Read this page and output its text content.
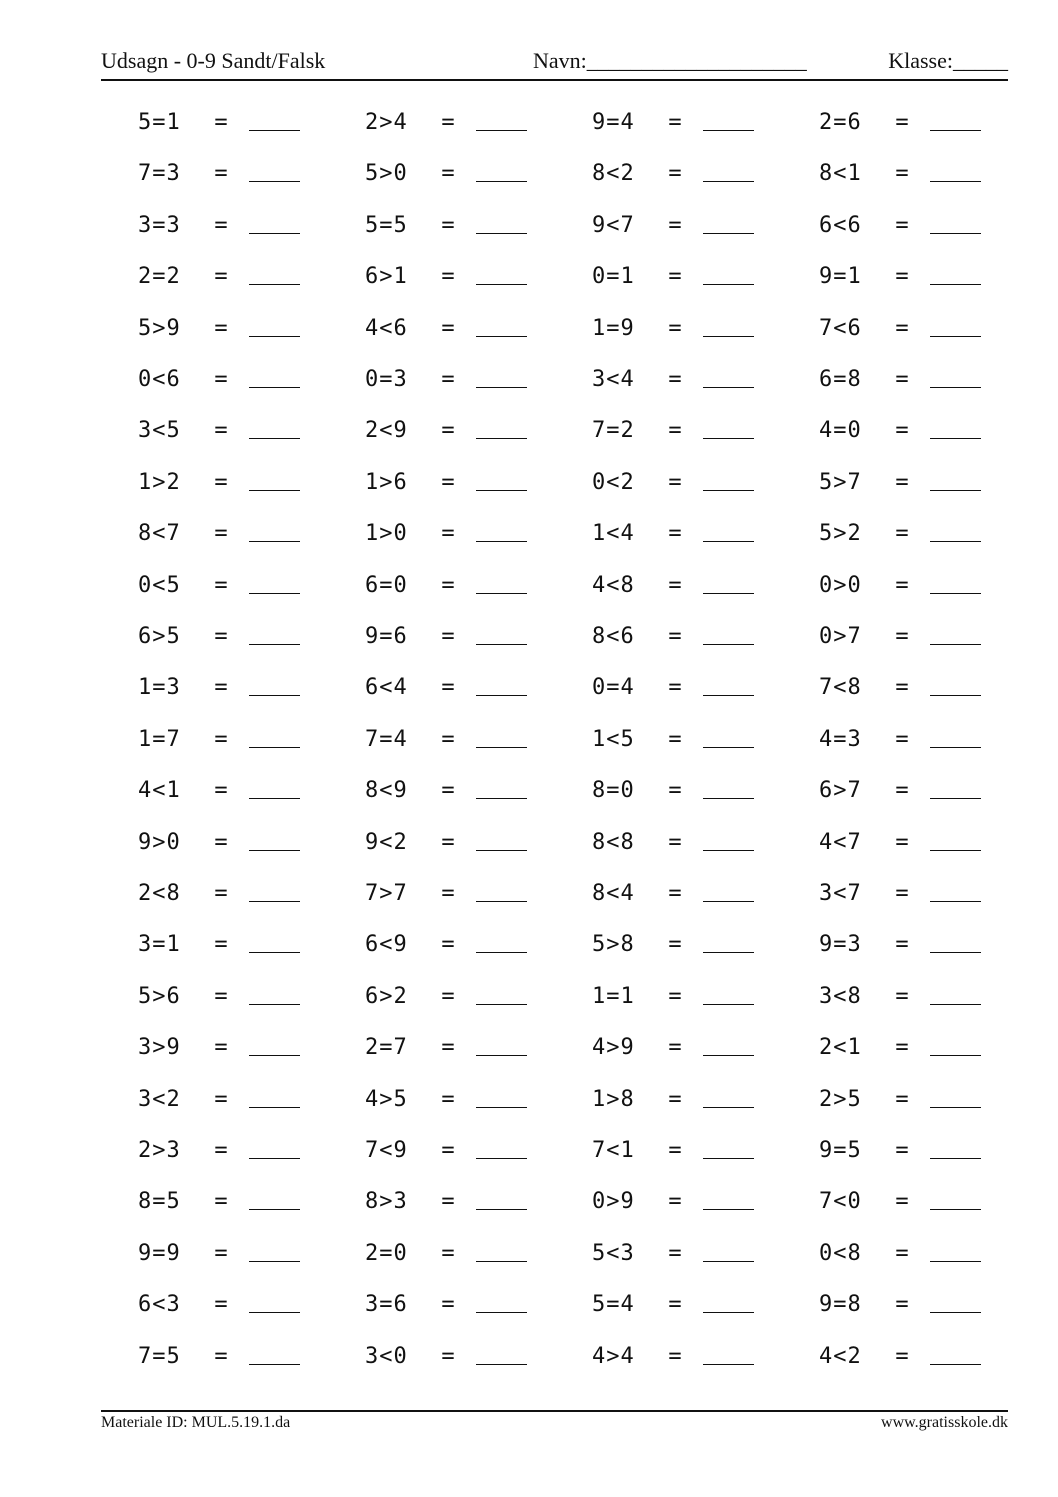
Udsagn - 0-9 Sandt/Falsk	Navn:____________________	Klasse:_____
5=1 =	2>4 =	9=4 =	2=6 =
7=3 =	5>0 =	8<2 =	8<1 =
3=3 =	5=5 =	9<7 =	6<6 =
2=2 =	6>1 =	0=1 =	9=1 =
5>9 =	4<6 =	1=9 =	7<6 =
0<6 =	0=3 =	3<4 =	6=8 =
3<5 =	2<9 =	7=2 =	4=0 =
1>2 =	1>6 =	0<2 =	5>7 =
8<7 =	1>0 =	1<4 =	5>2 =
0<5 =	6=0 =	4<8 =	0>0 =
6>5 =	9=6 =	8<6 =	0>7 =
1=3 =	6<4 =	0=4 =	7<8 =
1=7 =	7=4 =	1<5 =	4=3 =
4<1 =	8<9 =	8=0 =	6>7 =
9>0 =	9<2 =	8<8 =	4<7 =
2<8 =	7>7 =	8<4 =	3<7 =
3=1 =	6<9 =	5>8 =	9=3 =
5>6 =	6>2 =	1=1 =	3<8 =
3>9 =	2=7 =	4>9 =	2<1 =
3<2 =	4>5 =	1>8 =	2>5 =
2>3 =	7<9 =	7<1 =	9=5 =
8=5 =	8>3 =	0>9 =	7<0 =
9=9 =	2=0 =	5<3 =	0<8 =
6<3 =	3=6 =	5=4 =	9=8 =
7=5 =	3<0 =	4>4 =	4<2 =
Materiale ID: MUL.5.19.1.da	www.gratisskole.dk
